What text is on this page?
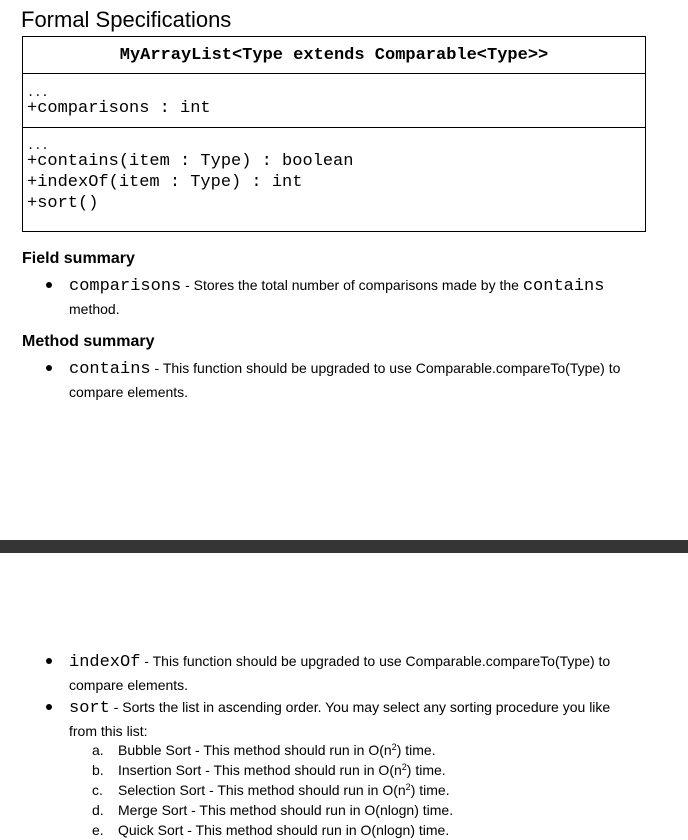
Formal Specifications
MyArrayList<Type extends Comparable<Type>>
...
+comparisons : int
...
+contains(item : Type) : boolean
+indexOf(item : Type) : int
+sort()
Field summary
comparisons - Stores the total number of comparisons made by the contains
method.
Method summary
contains - This function should be upgraded to use Comparable.compareTo(Type) to
compare elements.
indexOf - This function should be upgraded to use Comparable.compareTo(Type) to
compare elements.
sort - Sorts the list in ascending order. You may select any sorting procedure you like
from this list:
a. Bubble Sort - This method should run in $O(n^2)$ time.
b. Insertion Sort - This method should run in $O(n^2)$ time.
c. Selection Sort - This method should run in $O(n^2)$ time.
d. Merge Sort - This method should run in O(nlogn) time.
e. Quick Sort - This method should run in O(nlogn) time.
